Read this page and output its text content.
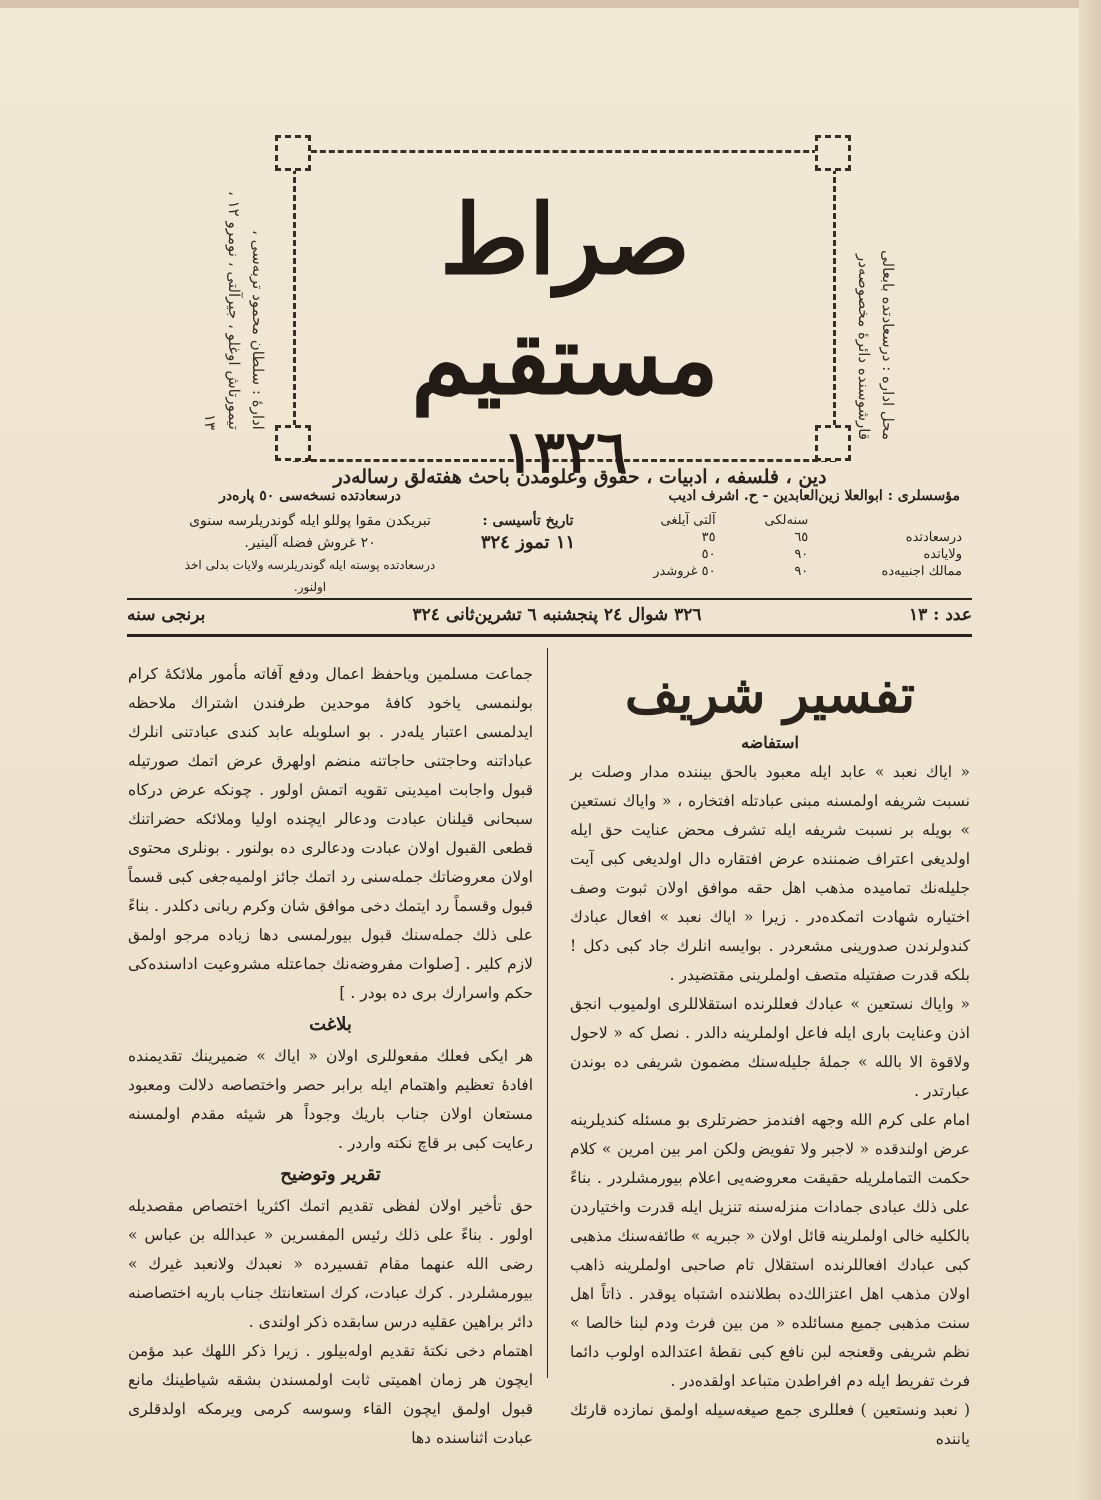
ادارهٔ : سلطان محمود تربه‌سی ، تيمورتاش اوغلو ، جيرآلتی ، نومرو ١٢ ، ١٣	محل اداره : درسعادتده بابعالی قارشوسنده دائرهٔ مخصوصه‌در
صراط مستقيم
١٣٢٦
دين ، فلسفه ، ادبيات ، حقوق وعلومدن باحث هفته‌لق رساله‌در
مؤسسلری : ابوالعلا زين‌العابدين - ح. اشرف اديب
درسعادتده نسخه‌سی ٥٠ پاره‌در
تبريكدن مقوا پوللو ايله گوندريلرسه سنوی ٢٠ غروش فضله آلينير.
درسعادتده پوسته ايله گوندريلرسه ولايات بدلی اخذ اولنور.
تاريخ تأسيسی :
١١ تموز ٣٢٤
	سنه‌لكی	آلتی آيلغی
درسعادتده	٦٥	٣٥
ولاياتده	٩٠	٥٠
ممالك اجنبيه‌ده	٩٠	٥٠ غروشدر
عدد : ١٣
٣٢٦ شوال ٢٤ پنجشنبه ٦ تشرين‌ثانی ٣٢٤
برنجی سنه
تفسير شريف
استفاضه

« اياك نعبد » عابد ايله معبود بالحق بيننده مدار وصلت بر نسبت شريفه اولمسنه مبنی عبادتله افتخاره ، « واياك نستعين » بويله بر نسبت شريفه ايله تشرف محض عنايت حق ايله اولديغی اعتراف ضمننده عرض افتقاره دال اولديغی كبی آيت جليله‌نك تماميده مذهب اهل حقه موافق اولان ثبوت وصف اختياره شهادت اتمكده‌در . زيرا « اياك نعبد » افعال عبادك كندولرندن صدورينی مشعردر . بوايسه انلرك جاد كبی دكل ! بلكه قدرت صفتيله متصف اولملرينی مقتضيدر .

« واياك نستعين » عبادك فعللرنده استقلاللری اولميوب انجق اذن وعنايت باری ايله فاعل اولملرينه دالدر . نصل كه « لاحول ولاقوة الا بالله » جملهٔ جليله‌سنك مضمون شريفی ده بوندن عبارتدر .

امام علی كرم الله وجهه افندمز حضرتلری بو مسئله كنديلرينه عرض اولندقده « لاجبر ولا تفويض ولكن امر بين امرين » كلام حكمت التماملريله حقيقت معروضه‌يی اعلام بيورمشلردر . بناءً علی ذلك عبادی جمادات منزله‌سنه تنزيل ايله قدرت واختياردن بالكليه خالی اولملرينه قائل اولان « جبريه » طائفه‌سنك مذهبی كبی عبادك افعاللرنده استقلال تام صاحبی اولملرينه ذاهب اولان مذهب اهل اعتزالك‌ده بطلاننده اشتباه يوقدر . ذاتاً اهل سنت مذهبی جميع مسائلده « من بين فرث ودم لبنا خالصا » نظم شريفی وقعنجه لبن نافع كبی نقطهٔ اعتدالده اولوب دائما فرث تفريط ايله دم افراطدن متباعد اولقده‌در .

( نعبد ونستعين ) فعللری جمع صيغه‌سيله اولمق نمازده قارئك ياننده

جماعت مسلمين وياحفظ اعمال ودفع آفاته مأمور ملائكهٔ كرام بولنمسی ياخود كافهٔ موحدين طرفندن اشتراك ملاحظه ايدلمسی اعتبار يله‌در . بو اسلوبله عابد كندی عبادتنی انلرك عباداتنه وحاجتنی حاجاتنه منضم اولهرق عرض اتمك صورتيله قبول واجابت اميدينی تقويه اتمش اولور . چونكه عرض دركاه سبحانی قيلنان عبادت ودعالر ايچنده اوليا وملائكه حضراتنك قطعی القبول اولان عبادت ودعالری ده بولنور . بونلری محتوی اولان معروضاتك جمله‌سنی رد اتمك جائز اولميه‌جغی كبی قسماً قبول وقسماً رد ايتمك دخی موافق شان وكرم ربانی دكلدر . بناءً علی ذلك جمله‌سنك قبول بيورلمسی دها زياده مرجو اولمق لازم كلير . [صلوات مفروضه‌نك جماعتله مشروعيت اداسنده‌كی حكم واسرارك بری ده بودر . ]

بلاغت

هر ايكی فعلك مفعوللری اولان « اياك » ضميرينك تقديمنده افادهٔ تعظيم واهتمام ايله برابر حصر واختصاصه دلالت ومعبود مستعان اولان جناب باريك وجوداً هر شيئه مقدم اولمسنه رعايت كبی بر قاچ نكته واردر .

تقرير وتوضيح

حق تأخير اولان لفظی تقديم اتمك اكثريا اختصاص مقصديله اولور . بناءً علی ذلك رئيس المفسرين « عبدالله بن عباس » رضی الله عنهما مقام تفسيرده « نعبدك ولانعبد غيرك » بيورمشلردر . كرك عبادت، كرك استعانتك جناب باريه اختصاصنه دائر براهين عقليه درس سابقده ذكر اولندی .

اهتمام دخی نكته‌ٔ تقديم اوله‌بيلور . زيرا ذكر اللهك عبد مؤمن ايچون هر زمان اهميتی ثابت اولمسندن بشقه شياطينك مانع قبول اولمق ايچون القاء وسوسه كرمی ويرمكه اولدقلری عبادت اثناسنده دها
